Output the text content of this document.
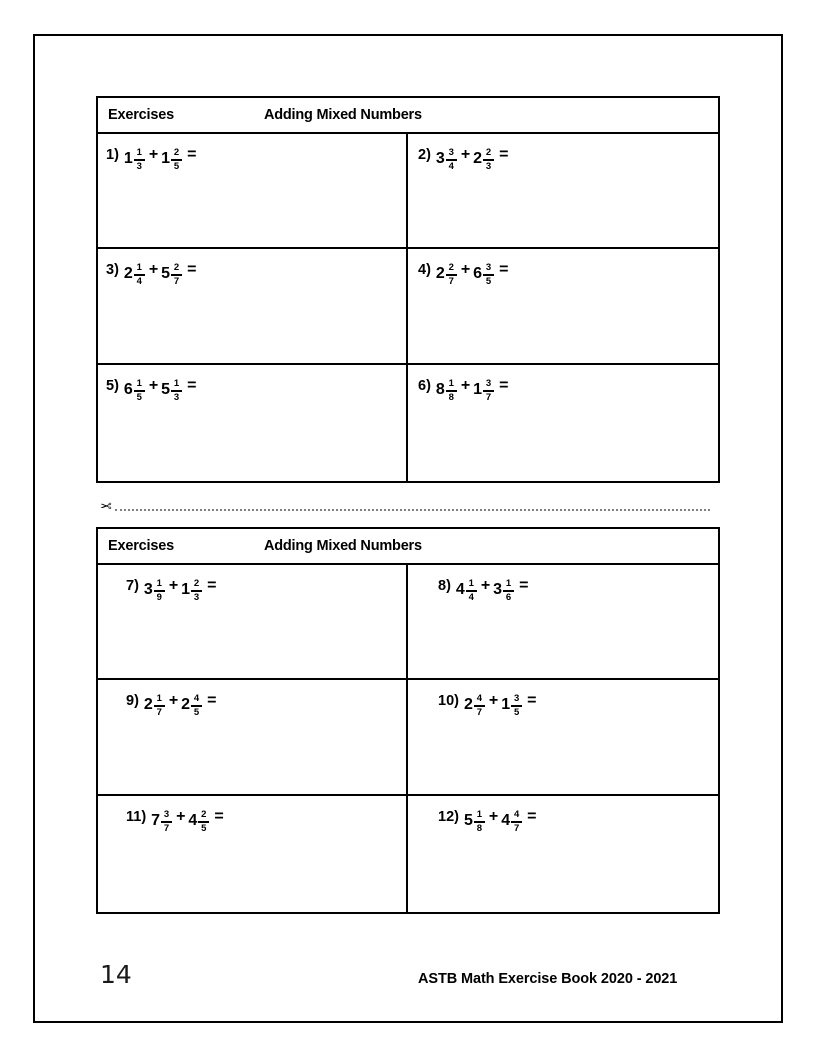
Exercises	Adding Mixed Numbers
1) $1 \frac{1}{3} + 1 \frac{2}{5}$ =	2) $3 \frac{3}{4} + 2 \frac{2}{3}$ =
3) $2 \frac{1}{4} + 5 \frac{2}{7}$ =	4) $2 \frac{2}{7} + 6 \frac{3}{5}$ =
5) $6 \frac{1}{5} + 5 \frac{1}{3}$ =	6) $8 \frac{1}{8} + 1 \frac{3}{7}$ =
✂
Exercises	Adding Mixed Numbers
7) $3 \frac{1}{9} + 1 \frac{2}{3}$ =	8) $4 \frac{1}{4} + 3 \frac{1}{6}$ =
9) $2 \frac{1}{7} + 2 \frac{4}{5}$ =	10) $2 \frac{4}{7} + 1 \frac{3}{5}$ =
11) $7 \frac{3}{7} + 4 \frac{2}{5}$ =	12) $5 \frac{1}{8} + 4 \frac{4}{7}$ =
14	ASTB Math Exercise Book 2020 - 2021
